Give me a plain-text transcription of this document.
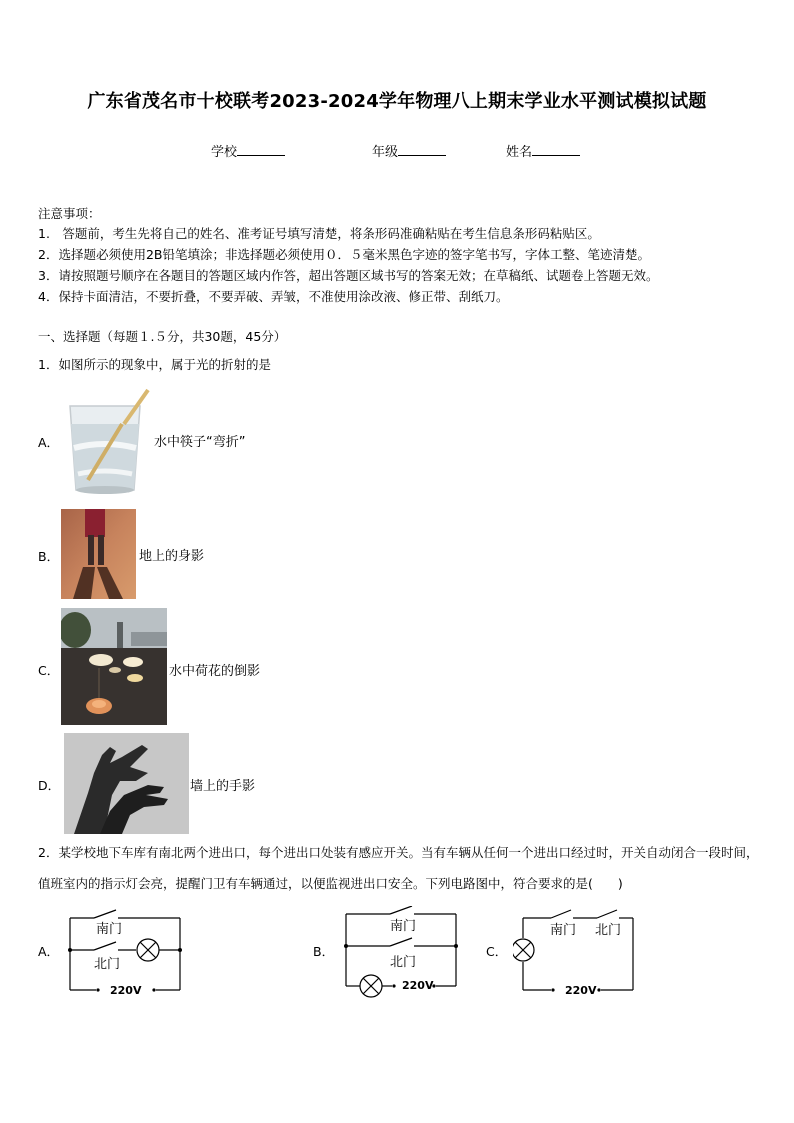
广东省茂名市十校联考2023-2024学年物理八上期末学业水平测试模拟试题
学校	年级	姓名
注意事项：
1.　答题前，考生先将自己的姓名、准考证号填写清楚，将条形码准确粘贴在考生信息条形码粘贴区。
2．选择题必须使用2B铅笔填涂；非选择题必须使用０．５毫米黑色字迹的签字笔书写，字体工整、笔迹清楚。
3．请按照题号顺序在各题目的答题区域内作答，超出答题区域书写的答案无效；在草稿纸、试题卷上答题无效。
4．保持卡面清洁，不要折叠，不要弄破、弄皱，不准使用涂改液、修正带、刮纸刀。
一、选择题（每题１.５分，共30题，45分）
1．如图所示的现象中，属于光的折射的是
A．	水中筷子“弯折”
B．	地上的身影
C．	水中荷花的倒影
D．	墙上的手影
2．某学校地下车库有南北两个进出口，每个进出口处装有感应开关。当有车辆从任何一个进出口经过时，开关自动闭合一段时间，值班室内的指示灯会亮，提醒门卫有车辆通过，以便监视进出口安全。下列电路图中，符合要求的是(　　)
A．
南门
北门
220V
B．
南门
北门
220V
C．
南门 北门
220V
